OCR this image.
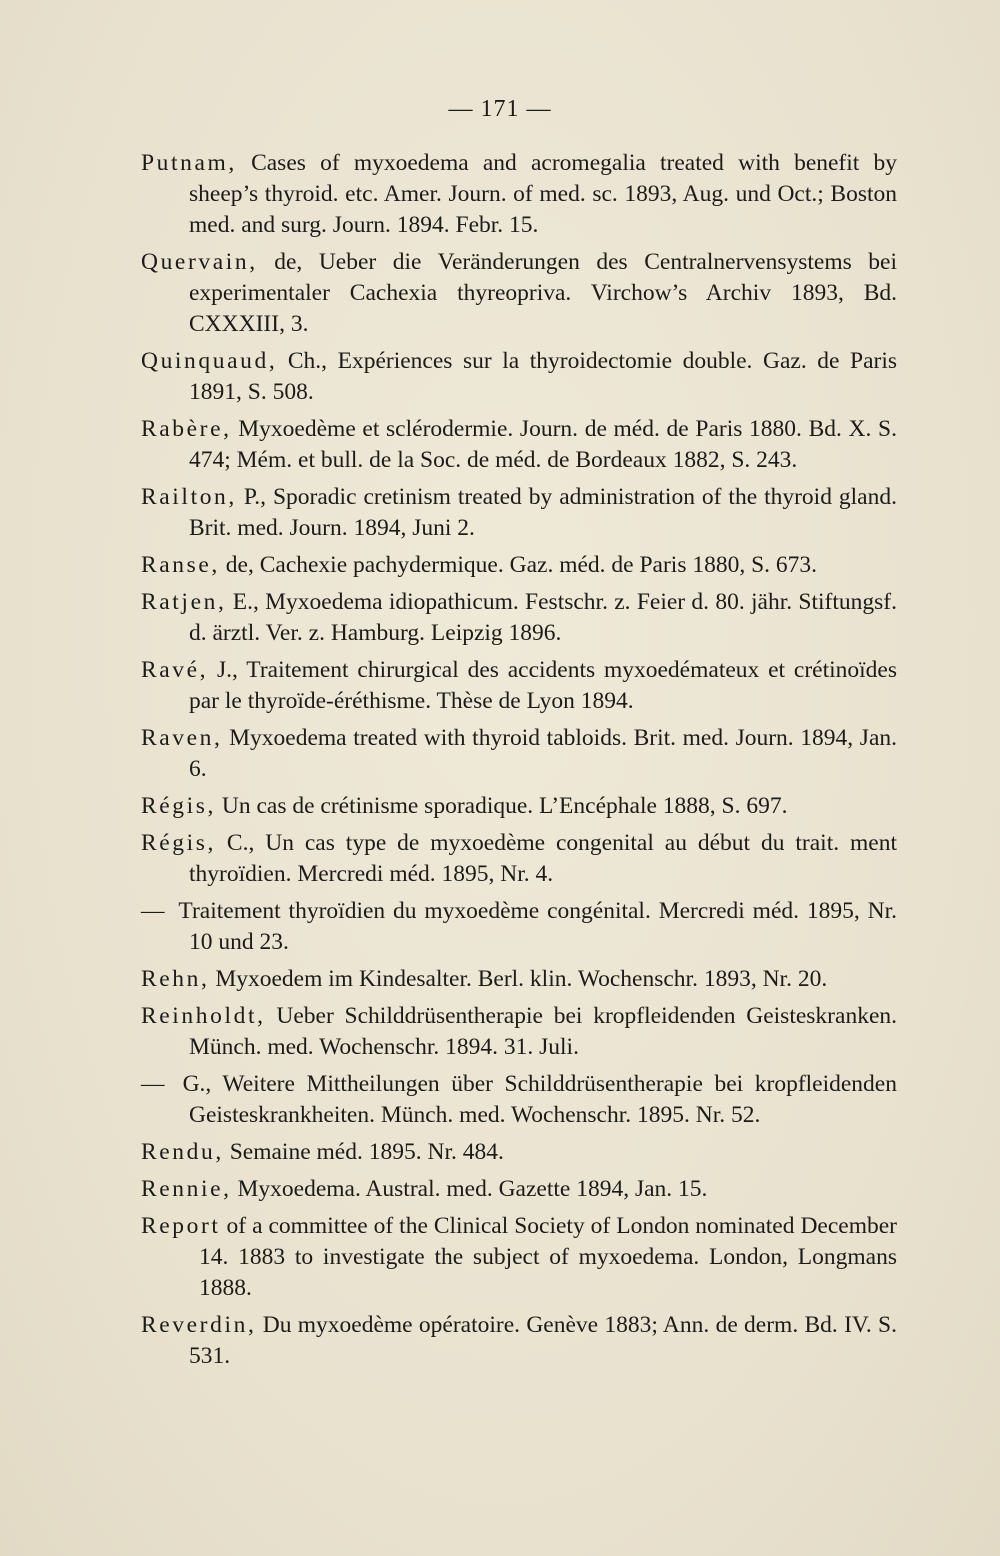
— 171 —

Putnam, Cases of myxoedema and acromegalia treated with benefit by sheep’s thyroid. etc. Amer. Journ. of med. sc. 1893, Aug. und Oct.; Boston med. and surg. Journ. 1894. Febr. 15.

Quervain, de, Ueber die Veränderungen des Centralnervensystems bei experimentaler Cachexia thyreopriva. Virchow’s Archiv 1893, Bd. CXXXIII, 3.

Quinquaud, Ch., Expériences sur la thyroidectomie double. Gaz. de Paris 1891, S. 508.

Rabère, Myxoedème et sclérodermie. Journ. de méd. de Paris 1880. Bd. X. S. 474; Mém. et bull. de la Soc. de méd. de Bordeaux 1882, S. 243.

Railton, P., Sporadic cretinism treated by administration of the thyroid gland. Brit. med. Journ. 1894, Juni 2.

Ranse, de, Cachexie pachydermique. Gaz. méd. de Paris 1880, S. 673.

Ratjen, E., Myxoedema idiopathicum. Festschr. z. Feier d. 80. jähr. Stiftungsf. d. ärztl. Ver. z. Hamburg. Leipzig 1896.

Ravé, J., Traitement chirurgical des accidents myxoedémateux et crétinoïdes par le thyroïde-éréthisme. Thèse de Lyon 1894.

Raven, Myxoedema treated with thyroid tabloids. Brit. med. Journ. 1894, Jan. 6.

Régis, Un cas de crétinisme sporadique. L’Encéphale 1888, S. 697.

Régis, C., Un cas type de myxoedème congenital au début du trait. ment thyroïdien. Mercredi méd. 1895, Nr. 4.

— Traitement thyroïdien du myxoedème congénital. Mercredi méd. 1895, Nr. 10 und 23.

Rehn, Myxoedem im Kindesalter. Berl. klin. Wochenschr. 1893, Nr. 20.

Reinholdt, Ueber Schilddrüsentherapie bei kropfleidenden Geisteskranken. Münch. med. Wochenschr. 1894. 31. Juli.

— G., Weitere Mittheilungen über Schilddrüsentherapie bei kropfleidenden Geisteskrankheiten. Münch. med. Wochenschr. 1895. Nr. 52.

Rendu, Semaine méd. 1895. Nr. 484.

Rennie, Myxoedema. Austral. med. Gazette 1894, Jan. 15.

Report of a committee of the Clinical Society of London nominated December 14. 1883 to investigate the subject of myxoedema. London, Longmans 1888.

Reverdin, Du myxoedème opératoire. Genève 1883; Ann. de derm. Bd. IV. S. 531.
